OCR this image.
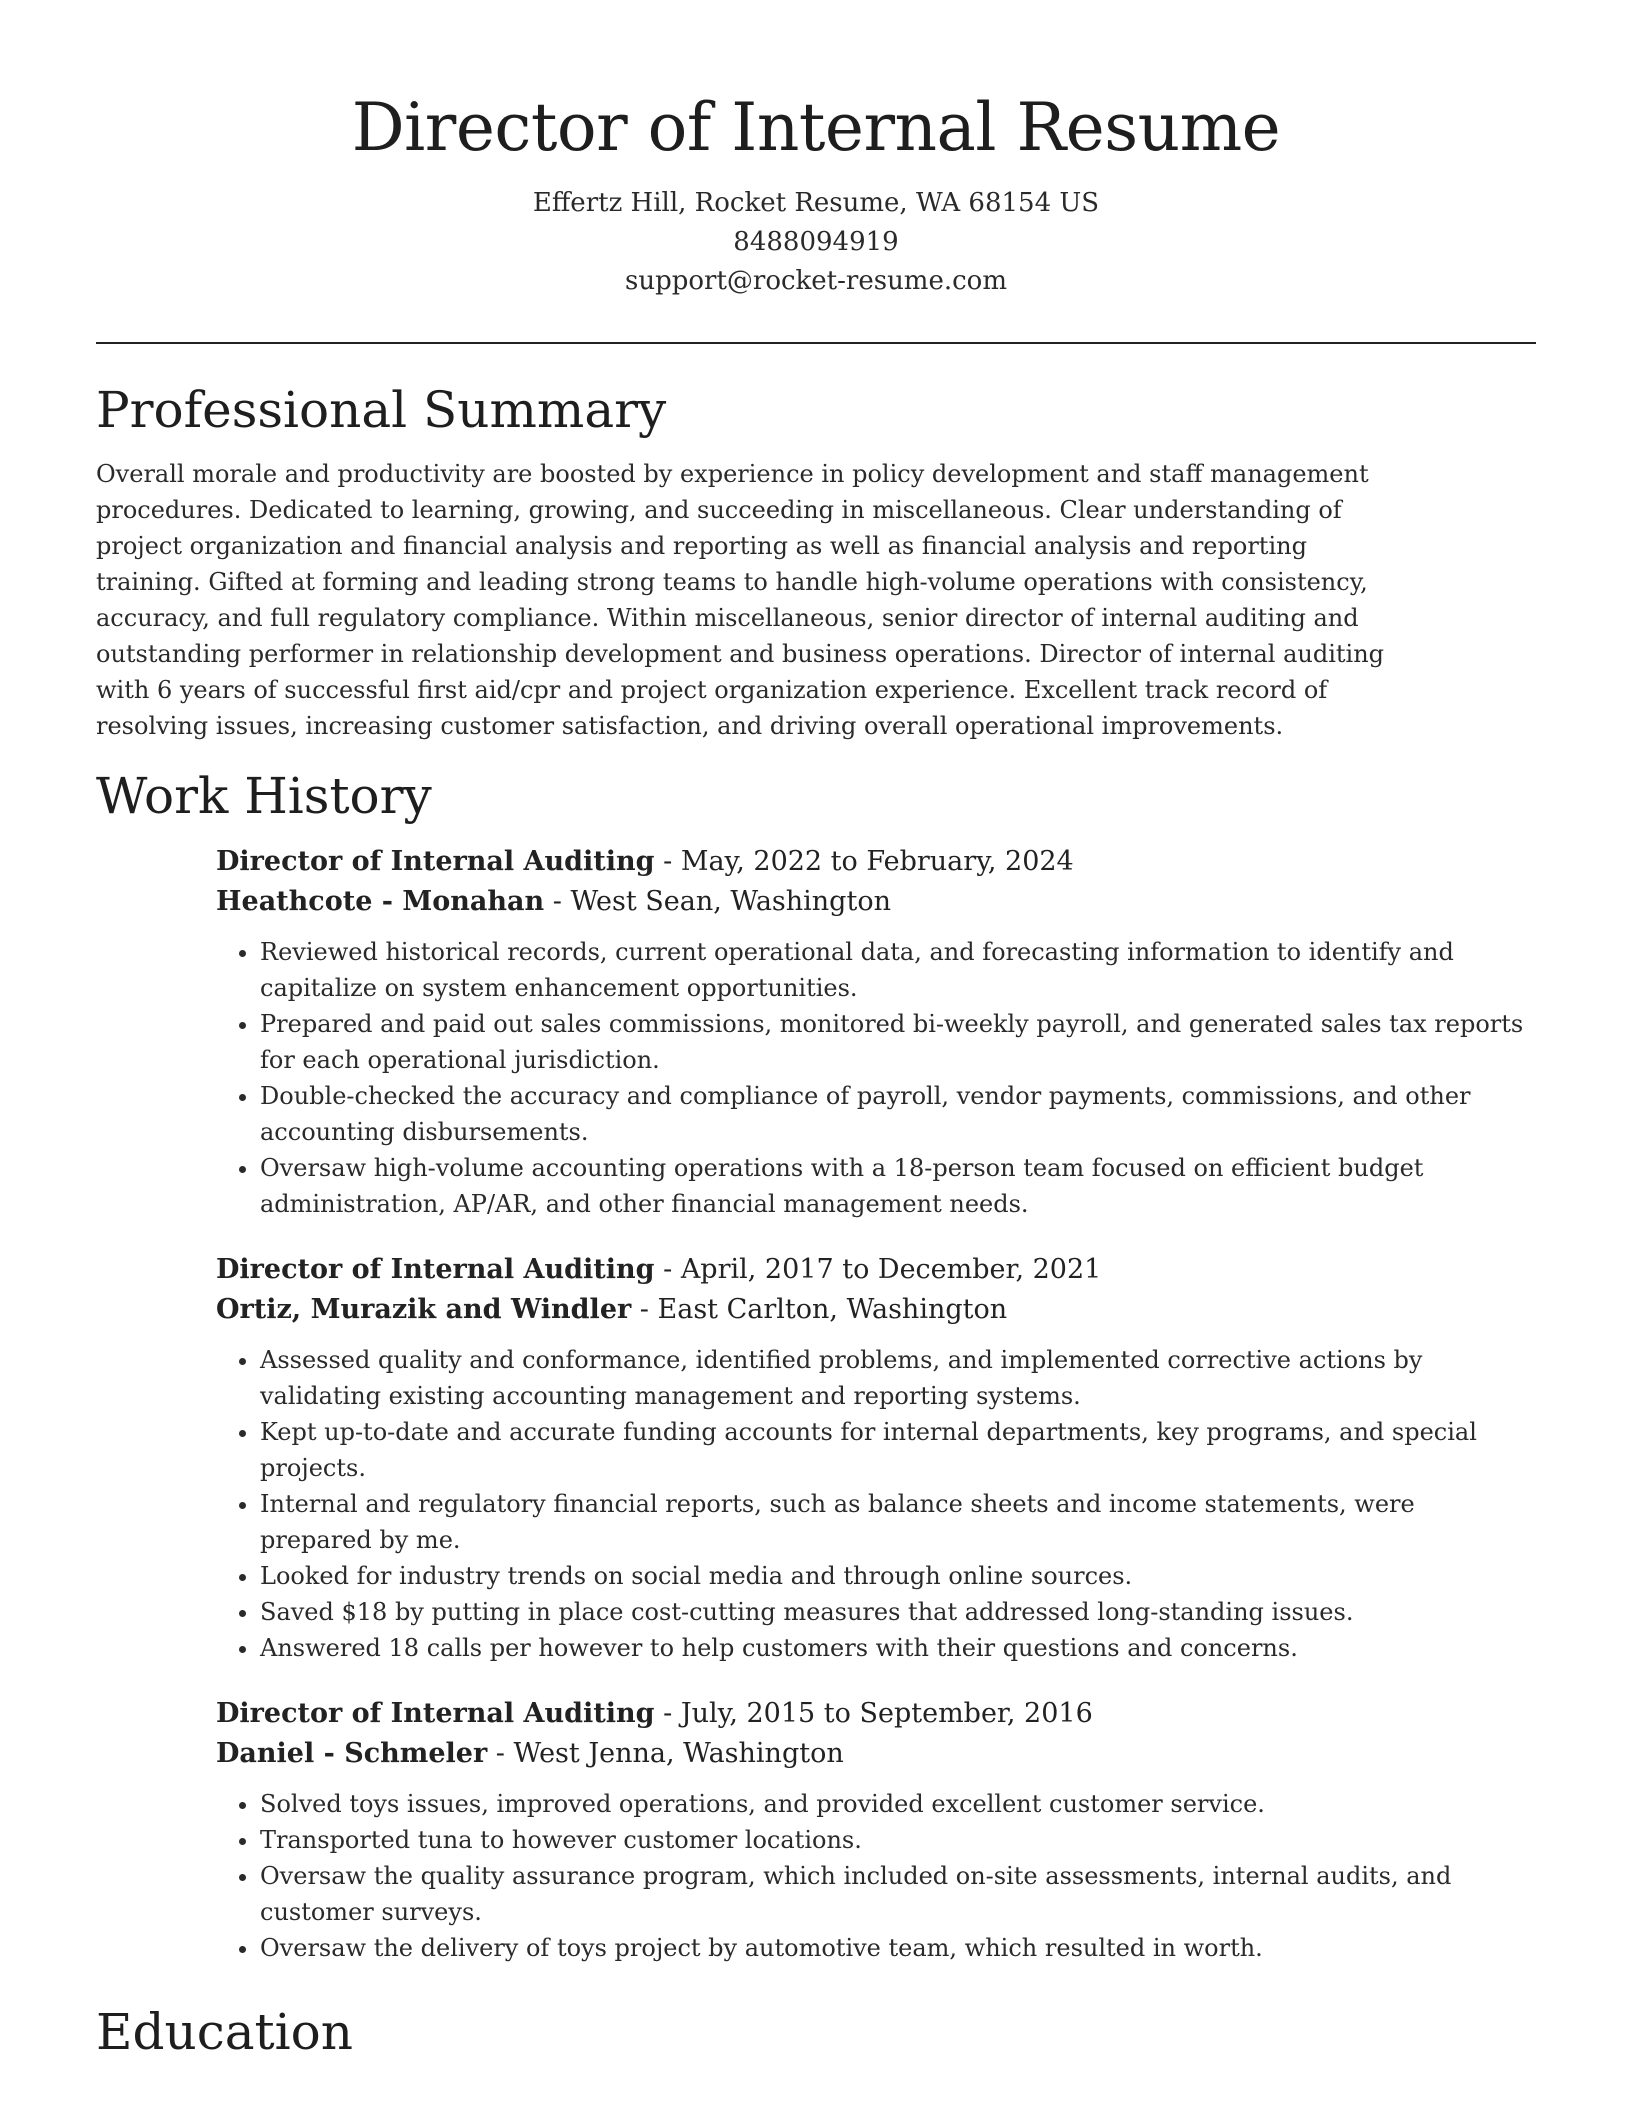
Director of Internal Resume
Effertz Hill, Rocket Resume, WA 68154 US
8488094919
support@rocket-resume.com
Professional Summary

Overall morale and productivity are boosted by experience in policy development and staff management procedures. Dedicated to learning, growing, and succeeding in miscellaneous. Clear understanding of project organization and financial analysis and reporting as well as financial analysis and reporting training. Gifted at forming and leading strong teams to handle high-volume operations with consistency, accuracy, and full regulatory compliance. Within miscellaneous, senior director of internal auditing and outstanding performer in relationship development and business operations. Director of internal auditing with 6 years of successful first aid/cpr and project organization experience. Excellent track record of resolving issues, increasing customer satisfaction, and driving overall operational improvements.

Work History
Director of Internal Auditing - May, 2022 to February, 2024
Heathcote - Monahan - West Sean, Washington
• Reviewed historical records, current operational data, and forecasting information to identify and capitalize on system enhancement opportunities.
• Prepared and paid out sales commissions, monitored bi-weekly payroll, and generated sales tax reports for each operational jurisdiction.
• Double-checked the accuracy and compliance of payroll, vendor payments, commissions, and other accounting disbursements.
• Oversaw high-volume accounting operations with a 18-person team focused on efficient budget administration, AP/AR, and other financial management needs.
Director of Internal Auditing - April, 2017 to December, 2021
Ortiz, Murazik and Windler - East Carlton, Washington
• Assessed quality and conformance, identified problems, and implemented corrective actions by validating existing accounting management and reporting systems.
• Kept up-to-date and accurate funding accounts for internal departments, key programs, and special projects.
• Internal and regulatory financial reports, such as balance sheets and income statements, were prepared by me.
• Looked for industry trends on social media and through online sources.
• Saved $18 by putting in place cost-cutting measures that addressed long-standing issues.
• Answered 18 calls per however to help customers with their questions and concerns.
Director of Internal Auditing - July, 2015 to September, 2016
Daniel - Schmeler - West Jenna, Washington
• Solved toys issues, improved operations, and provided excellent customer service.
• Transported tuna to however customer locations.
• Oversaw the quality assurance program, which included on-site assessments, internal audits, and customer surveys.
• Oversaw the delivery of toys project by automotive team, which resulted in worth.
Education
